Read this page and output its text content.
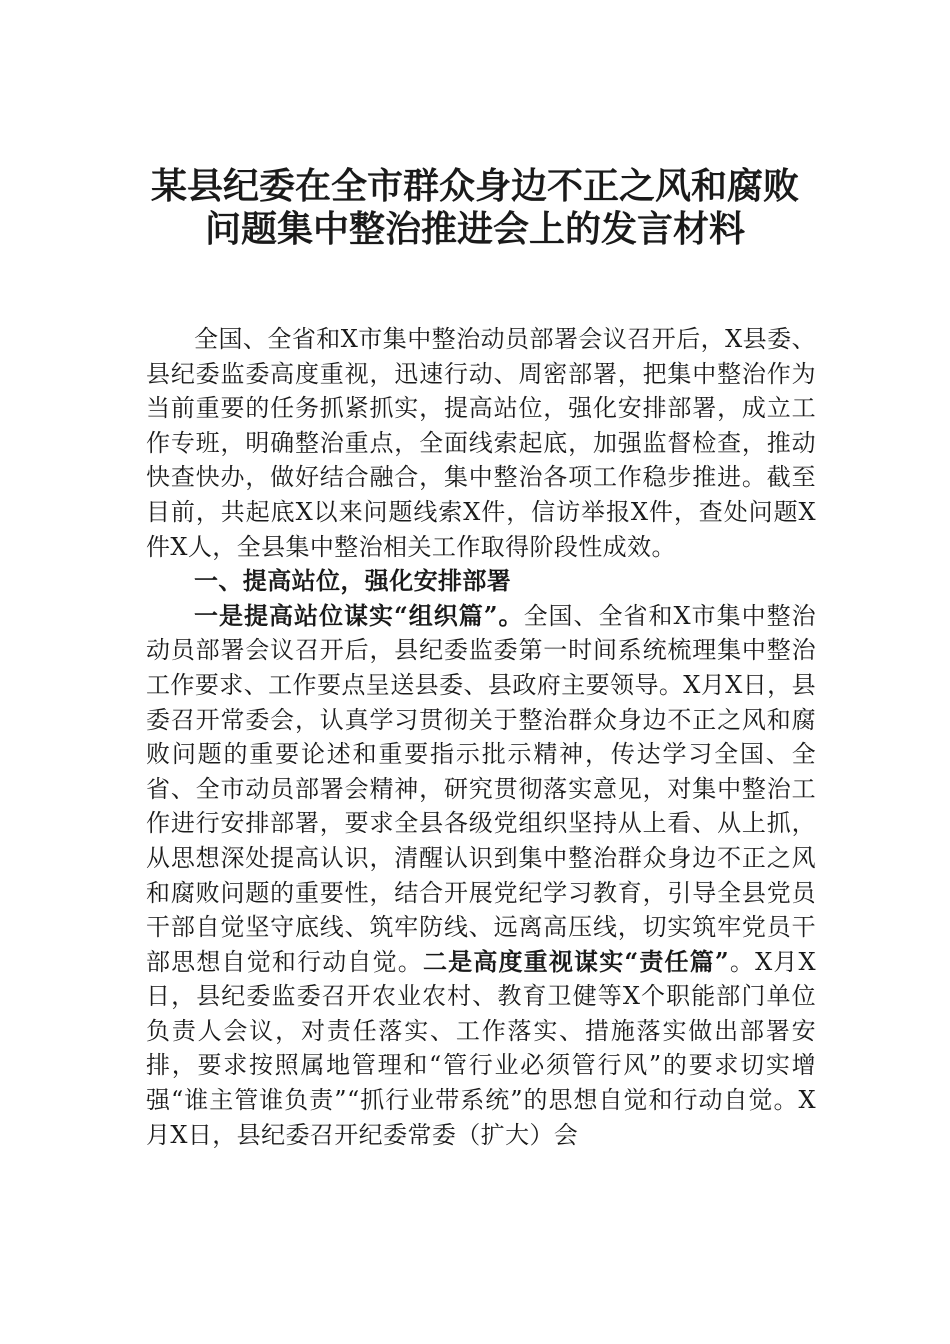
某县纪委在全市群众身边不正之风和腐败
问题集中整治推进会上的发言材料

全国、全省和X市集中整治动员部署会议召开后，X县委、县纪委监委高度重视，迅速行动、周密部署，把集中整治作为当前重要的任务抓紧抓实，提高站位，强化安排部署，成立工作专班，明确整治重点，全面线索起底，加强监督检查，推动快查快办，做好结合融合，集中整治各项工作稳步推进。截至目前，共起底X以来问题线索X件，信访举报X件，查处问题X件X人，全县集中整治相关工作取得阶段性成效。

一、提高站位，强化安排部署

一是提高站位谋实“组织篇”。全国、全省和X市集中整治动员部署会议召开后，县纪委监委第一时间系统梳理集中整治工作要求、工作要点呈送县委、县政府主要领导。X月X日，县委召开常委会，认真学习贯彻关于整治群众身边不正之风和腐败问题的重要论述和重要指示批示精神，传达学习全国、全省、全市动员部署会精神，研究贯彻落实意见，对集中整治工作进行安排部署，要求全县各级党组织坚持从上看、从上抓，从思想深处提高认识，清醒认识到集中整治群众身边不正之风和腐败问题的重要性，结合开展党纪学习教育，引导全县党员干部自觉坚守底线、筑牢防线、远离高压线，切实筑牢党员干部思想自觉和行动自觉。二是高度重视谋实“责任篇”。X月X日，县纪委监委召开农业农村、教育卫健等X个职能部门单位负责人会议，对责任落实、工作落实、措施落实做出部署安排，要求按照属地管理和“管行业必须管行风”的要求切实增强“谁主管谁负责”“抓行业带系统”的思想自觉和行动自觉。X月X日，县纪委召开纪委常委（扩大）会
